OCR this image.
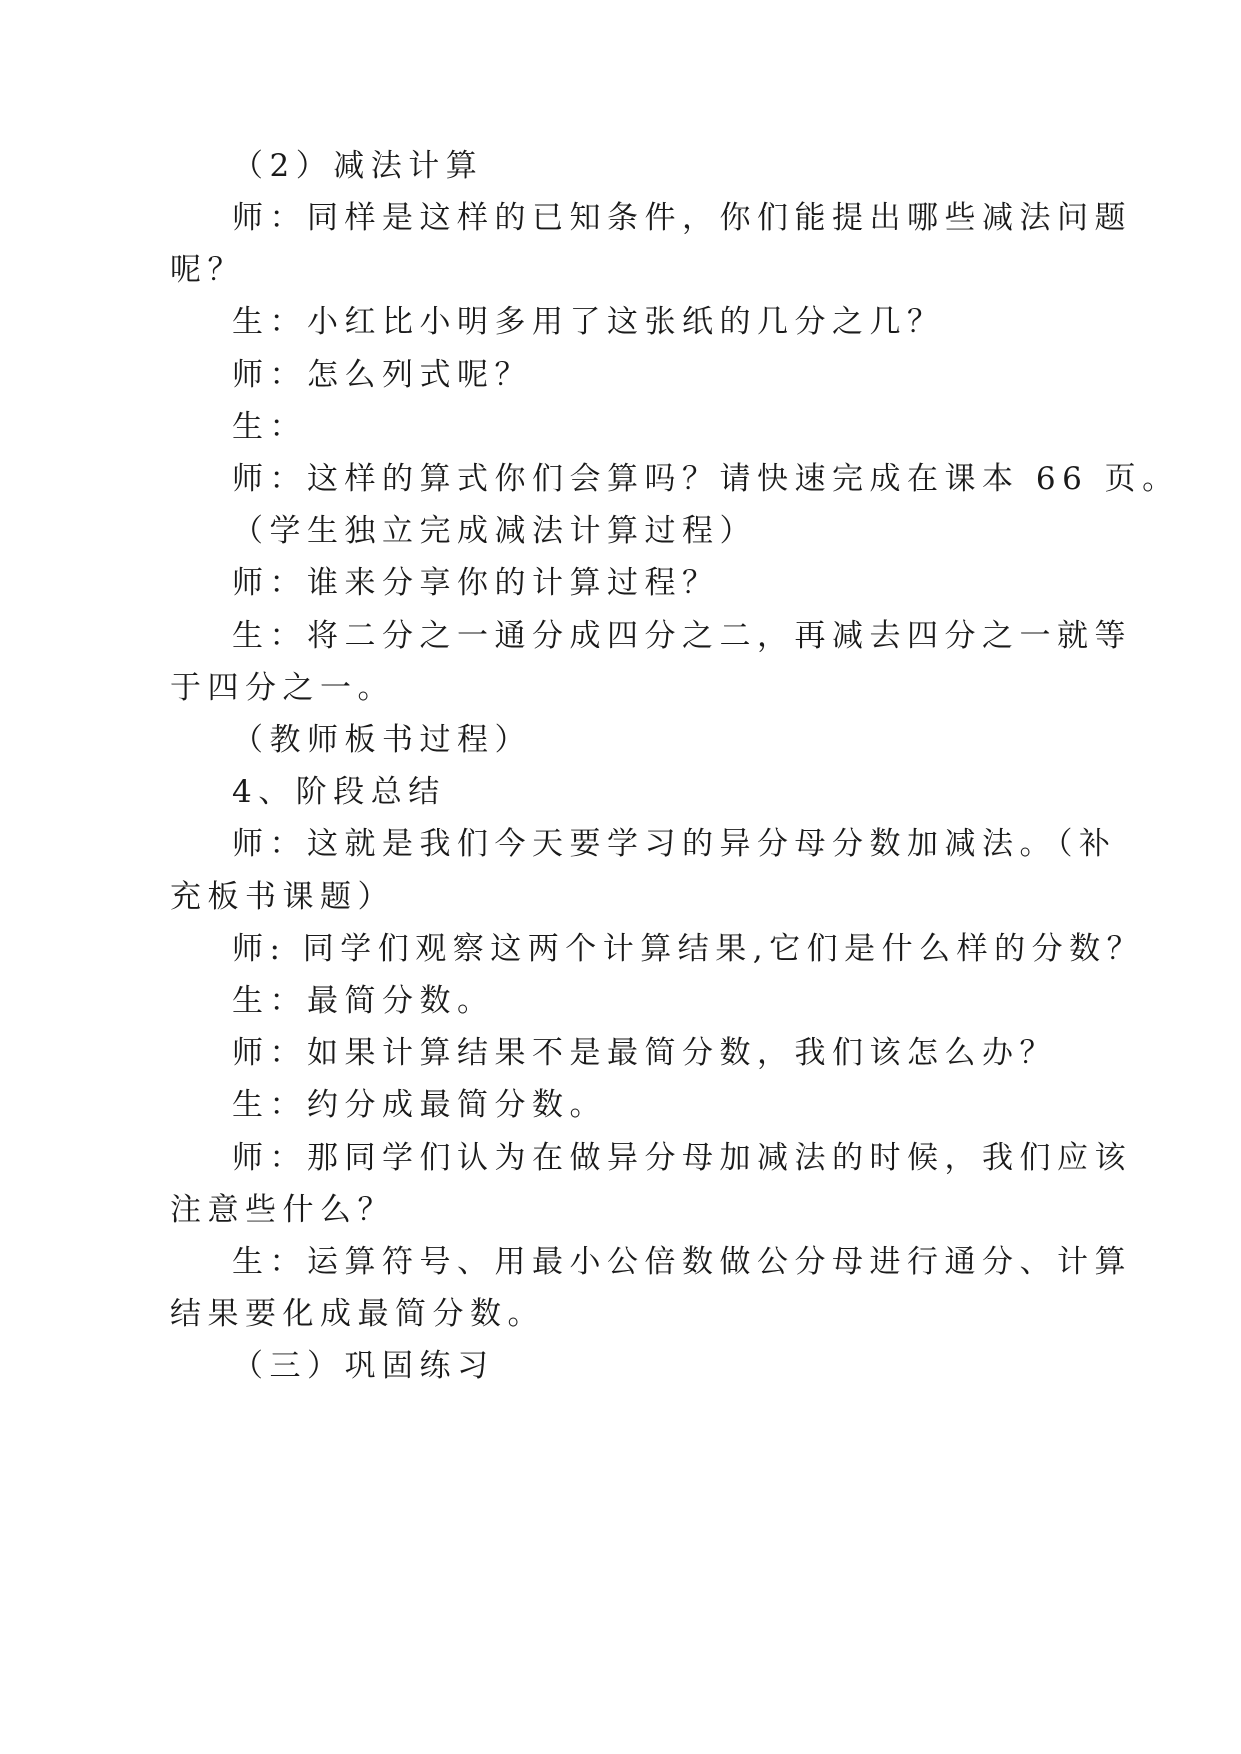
（2）减法计算
师：同样是这样的已知条件，你们能提出哪些减法问题
呢？
生：小红比小明多用了这张纸的几分之几？
师：怎么列式呢？
生：
师：这样的算式你们会算吗？请快速完成在课本 66 页。
（学生独立完成减法计算过程）
师：谁来分享你的计算过程？
生：将二分之一通分成四分之二，再减去四分之一就等
于四分之一。
（教师板书过程）
4、阶段总结
师：这就是我们今天要学习的异分母分数加减法。（补
充板书课题）
师: 同学们观察这两个计算结果,它们是什么样的分数？
生：最简分数。
师：如果计算结果不是最简分数，我们该怎么办？
生：约分成最简分数。
师：那同学们认为在做异分母加减法的时候，我们应该
注意些什么？
生：运算符号、用最小公倍数做公分母进行通分、计算
结果要化成最简分数。
（三）巩固练习
